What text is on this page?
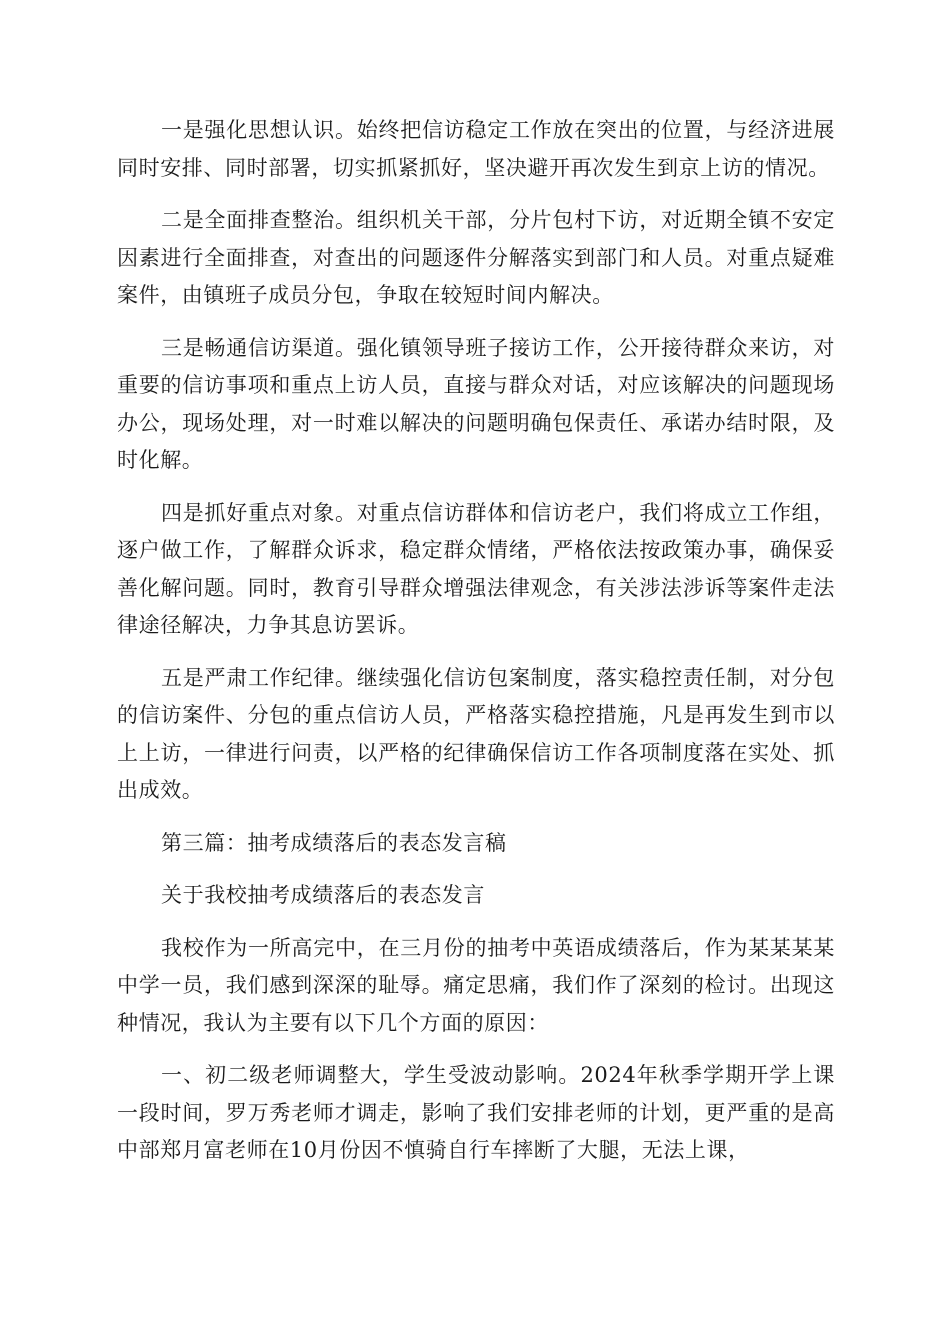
一是强化思想认识。始终把信访稳定工作放在突出的位置，与经济进展同时安排、同时部署，切实抓紧抓好，坚决避开再次发生到京上访的情况。

二是全面排查整治。组织机关干部，分片包村下访，对近期全镇不安定因素进行全面排查，对查出的问题逐件分解落实到部门和人员。对重点疑难案件，由镇班子成员分包，争取在较短时间内解决。

三是畅通信访渠道。强化镇领导班子接访工作，公开接待群众来访，对重要的信访事项和重点上访人员，直接与群众对话，对应该解决的问题现场办公，现场处理，对一时难以解决的问题明确包保责任、承诺办结时限，及时化解。

四是抓好重点对象。对重点信访群体和信访老户，我们将成立工作组，逐户做工作，了解群众诉求，稳定群众情绪，严格依法按政策办事，确保妥善化解问题。同时，教育引导群众增强法律观念，有关涉法涉诉等案件走法律途径解决，力争其息访罢诉。

五是严肃工作纪律。继续强化信访包案制度，落实稳控责任制，对分包的信访案件、分包的重点信访人员，严格落实稳控措施，凡是再发生到市以上上访，一律进行问责，以严格的纪律确保信访工作各项制度落在实处、抓出成效。

第三篇：抽考成绩落后的表态发言稿

关于我校抽考成绩落后的表态发言

我校作为一所高完中，在三月份的抽考中英语成绩落后，作为某某某某中学一员，我们感到深深的耻辱。痛定思痛，我们作了深刻的检讨。出现这种情况，我认为主要有以下几个方面的原因：

一、初二级老师调整大，学生受波动影响。2024年秋季学期开学上课一段时间，罗万秀老师才调走，影响了我们安排老师的计划，更严重的是高中部郑月富老师在10月份因不慎骑自行车摔断了大腿，无法上课，
